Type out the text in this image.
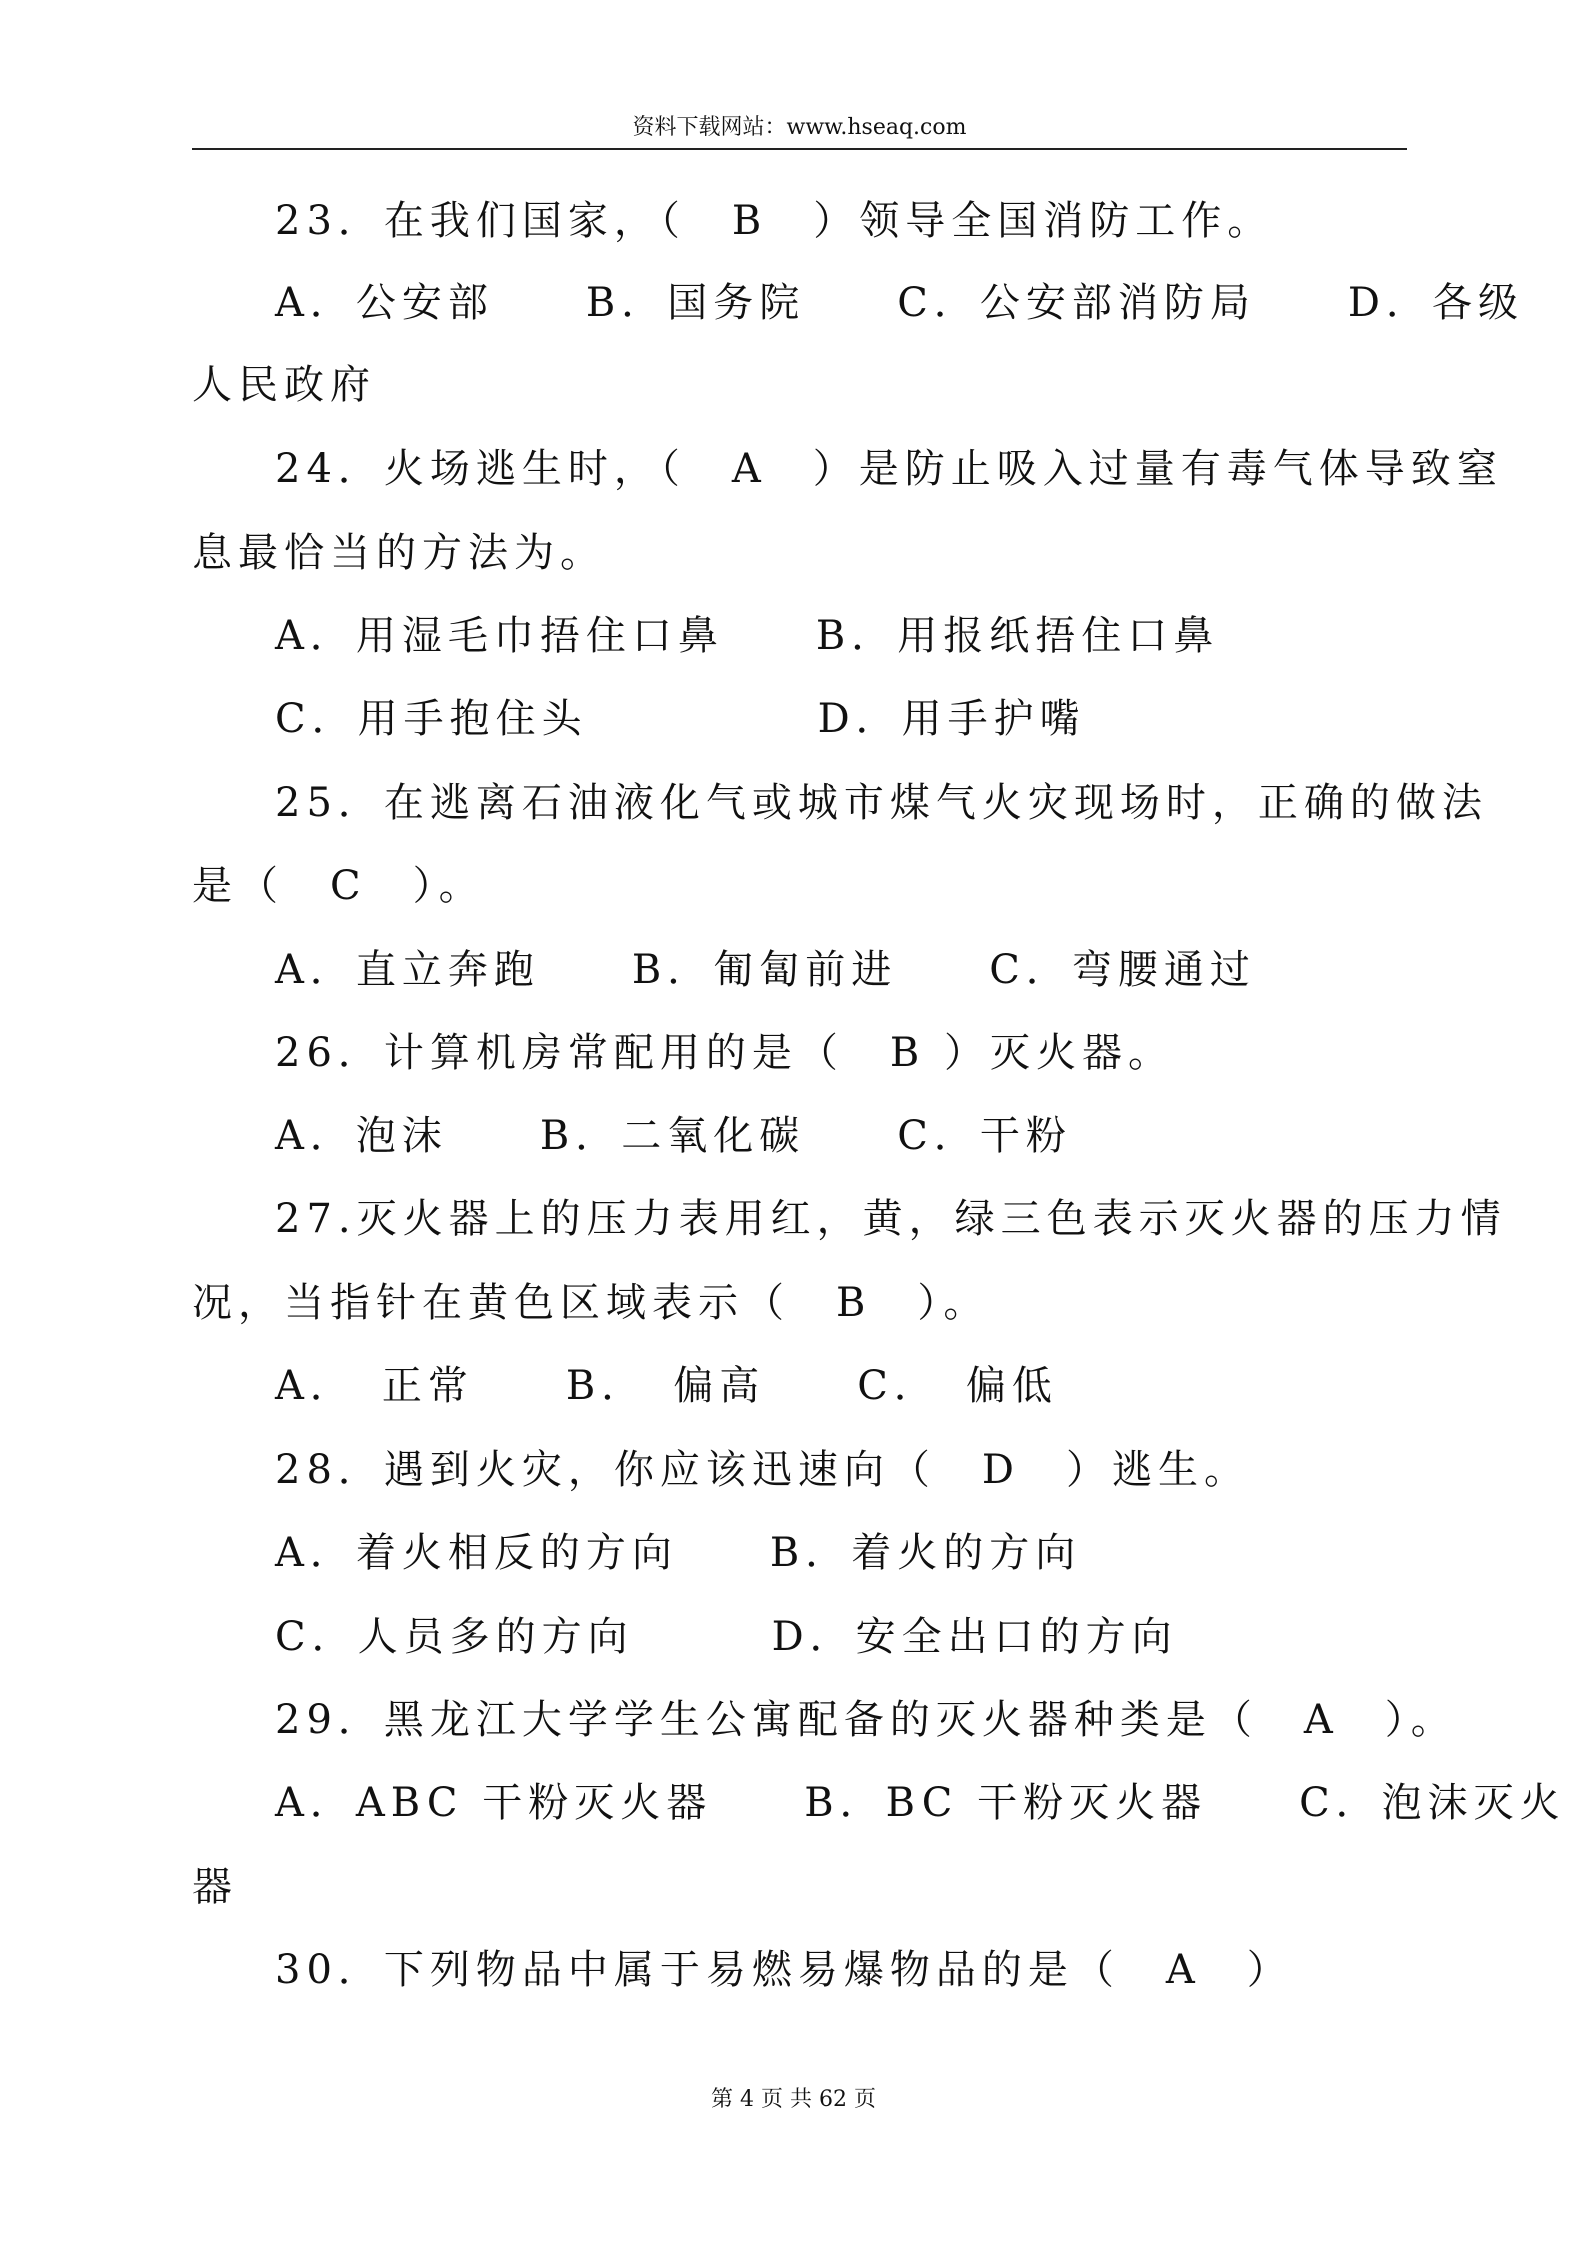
资料下载网站：www.hseaq.com
23．在我们国家，（　B　）领导全国消防工作。
A．公安部　　B．国务院　　C．公安部消防局　　D．各级
人民政府
24．火场逃生时，（　A　）是防止吸入过量有毒气体导致窒
息最恰当的方法为。
A．用湿毛巾捂住口鼻　　B．用报纸捂住口鼻
C．用手抱住头　　　　　D．用手护嘴
25．在逃离石油液化气或城市煤气火灾现场时，正确的做法
是（　C　）。
A．直立奔跑　　B．匍匐前进　　C．弯腰通过
26．计算机房常配用的是（　B ）灭火器。
A．泡沫　　B．二氧化碳　　C．干粉
27.灭火器上的压力表用红，黄，绿三色表示灭火器的压力情
况，当指针在黄色区域表示（　B　）。
A．　正常　　B．　偏高　　C．　偏低
28．遇到火灾，你应该迅速向（　D　）逃生。
A．着火相反的方向　　B．着火的方向
C．人员多的方向　　　D．安全出口的方向
29．黑龙江大学学生公寓配备的灭火器种类是（　A　）。
A．ABC 干粉灭火器　　B．BC 干粉灭火器　　C．泡沫灭火
器
30．下列物品中属于易燃易爆物品的是（　A　）
第 4 页 共 62 页
